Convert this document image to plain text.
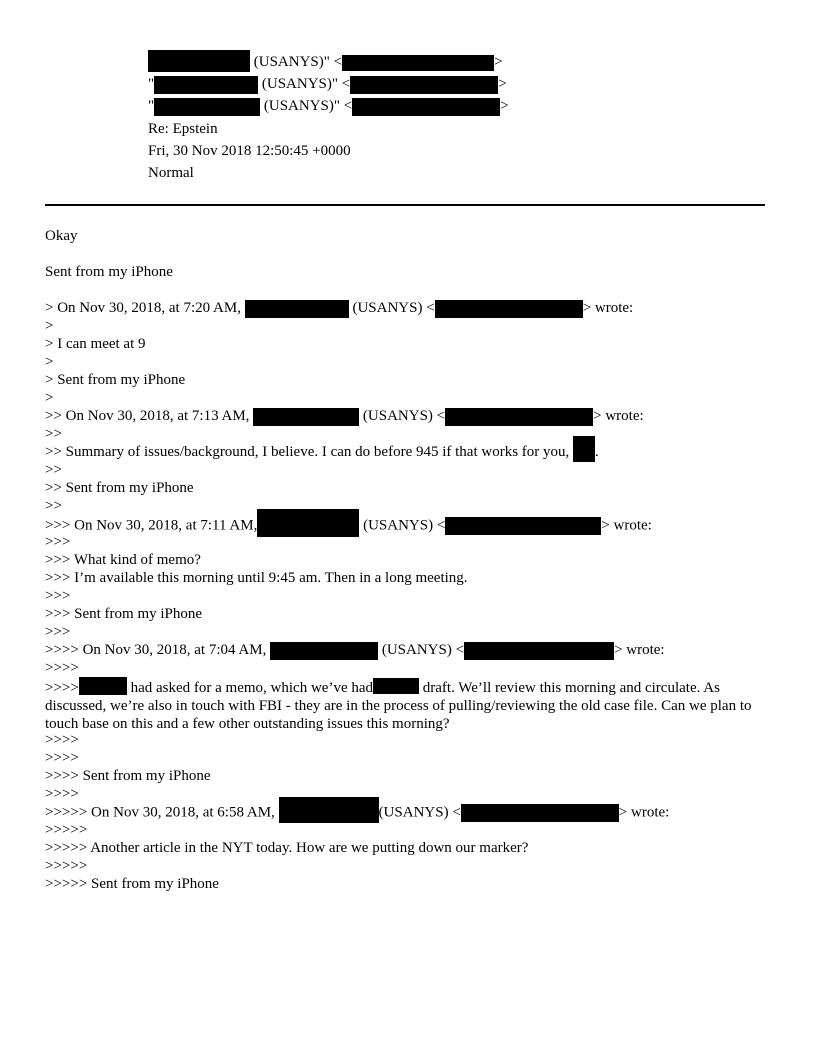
(USANYS)" <	>
"	(USANYS)" <	>
"	(USANYS)" <	>
Re: Epstein
Fri, 30 Nov 2018 12:50:45 +0000
Normal
Okay
Sent from my iPhone
> On Nov 30, 2018, at 7:20 AM,	(USANYS) <	> wrote:
>
> I can meet at 9
>
> Sent from my iPhone
>
>> On Nov 30, 2018, at 7:13 AM,	(USANYS) <	> wrote:
>>
>> Summary of issues/background, I believe. I can do before 945 if that works for you, .
>>
>> Sent from my iPhone
>>
>>> On Nov 30, 2018, at 7:11 AM,	(USANYS) <	> wrote:
>>>
>>> What kind of memo?
>>> I’m available this morning until 9:45 am. Then in a long meeting.
>>>
>>> Sent from my iPhone
>>>
>>>> On Nov 30, 2018, at 7:04 AM,	(USANYS) <	> wrote:
>>>>
>>>>	had asked for a memo, which we’ve had	draft. We’ll review this morning and circulate. As discussed, we’re also in touch with FBI - they are in the process of pulling/reviewing the old case file. Can we plan to touch base on this and a few other outstanding issues this morning?
>>>>
>>>>
>>>> Sent from my iPhone
>>>>
>>>>> On Nov 30, 2018, at 6:58 AM,	(USANYS) <	> wrote:
>>>>>
>>>>> Another article in the NYT today. How are we putting down our marker?
>>>>>
>>>>> Sent from my iPhone
